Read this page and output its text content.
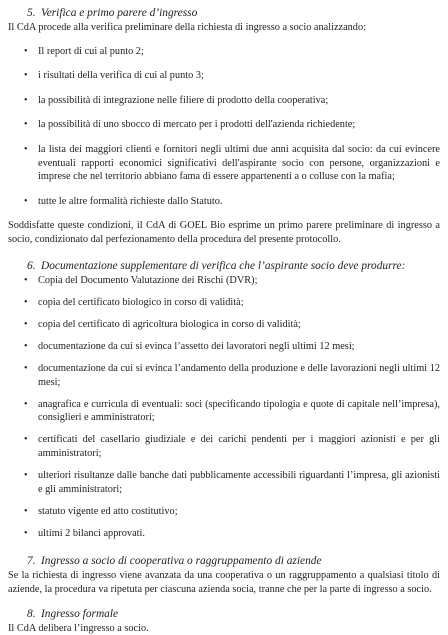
5. Verifica e primo parere d’ingresso

Il CdA procede alla verifica preliminare della richiesta di ingresso a socio analizzando:

• Il report di cui al punto 2;
• i risultati della verifica di cui al punto 3;
• la possibilità di integrazione nelle filiere di prodotto della cooperativa;
• la possibilità di uno sbocco di mercato per i prodotti dell'azienda richiedente;
• la lista dei maggiori clienti e fornitori negli ultimi due anni acquisita dal socio: da cui evincere eventuali rapporti economici significativi dell'aspirante socio con persone, organizzazioni e imprese che nel territorio abbiano fama di essere appartenenti a o colluse con la mafia;
• tutte le altre formalità richieste dallo Statuto.

Soddisfatte queste condizioni, il CdA di GOEL Bio esprime un primo parere preliminare di ingresso a socio, condizionato dal perfezionamento della procedura del presente protocollo.

6. Documentazione supplementare di verifica che l’aspirante socio deve produrre:

• Copia del Documento Valutazione dei Rischi (DVR);
• copia del certificato biologico in corso di validità;
• copia del certificato di agricoltura biologica in corso di validità;
• documentazione da cui si evinca l’assetto dei lavoratori negli ultimi 12 mesi;
• documentazione da cui si evinca l’andamento della produzione e delle lavorazioni negli ultimi 12 mesi;
• anagrafica e curricula di eventuali: soci (specificando tipologia e quote di capitale nell’impresa), consiglieri e amministratori;
• certificati del casellario giudiziale e dei carichi pendenti per i maggiori azionisti e per gli amministratori;
• ulteriori risultanze dalle banche dati pubblicamente accessibili riguardanti l’impresa, gli azionisti e gli amministratori;
• statuto vigente ed atto costitutivo;
• ultimi 2 bilanci approvati.

7. Ingresso a socio di cooperativa o raggruppamento di aziende

Se la richiesta di ingresso viene avanzata da una cooperativa o un raggruppamento a qualsiasi titolo di aziende, la procedura va ripetuta per ciascuna azienda socia, tranne che per la parte di ingresso a socio.

8. Ingresso formale

Il CdA delibera l’ingresso a socio.
